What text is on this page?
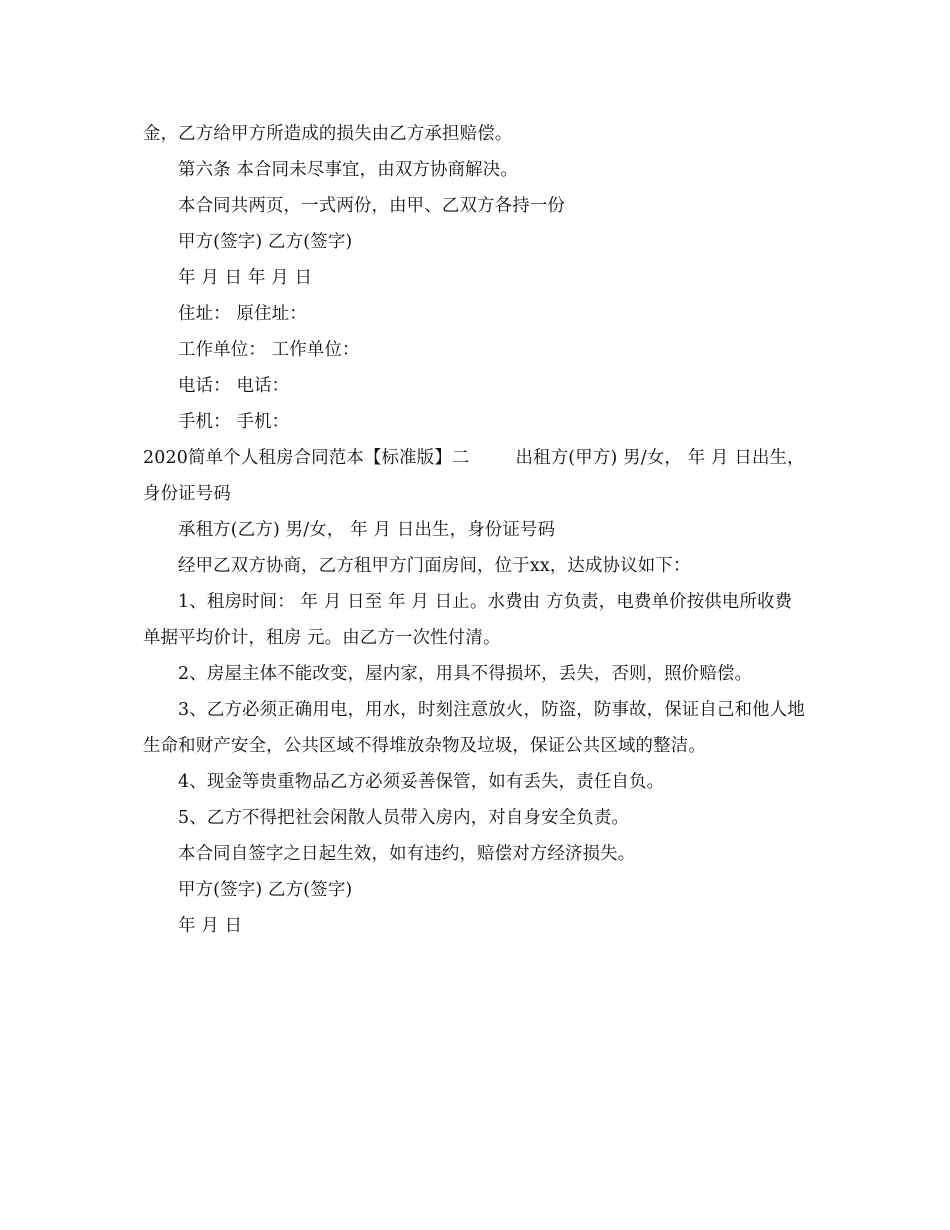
金，乙方给甲方所造成的损失由乙方承担赔偿。

第六条 本合同未尽事宜，由双方协商解决。

本合同共两页，一式两份，由甲、乙双方各持一份

甲方(签字) 乙方(签字)

年 月 日 年 月 日

住址： 原住址：

工作单位： 工作单位：

电话： 电话：

手机： 手机：

2020简单个人租房合同范本【标准版】二	出租方(甲方) 男/女， 年 月 日出生，身份证号码

承租方(乙方) 男/女， 年 月 日出生，身份证号码

经甲乙双方协商，乙方租甲方门面房间，位于xx，达成协议如下：

1、租房时间： 年 月 日至 年 月 日止。水费由 方负责，电费单价按供电所收费单据平均价计，租房 元。由乙方一次性付清。

2、房屋主体不能改变，屋内家，用具不得损坏，丢失，否则，照价赔偿。

3、乙方必须正确用电，用水，时刻注意放火，防盗，防事故，保证自己和他人地生命和财产安全，公共区域不得堆放杂物及垃圾，保证公共区域的整洁。

4、现金等贵重物品乙方必须妥善保管，如有丢失，责任自负。

5、乙方不得把社会闲散人员带入房内，对自身安全负责。

本合同自签字之日起生效，如有违约，赔偿对方经济损失。

甲方(签字) 乙方(签字)

年 月 日
